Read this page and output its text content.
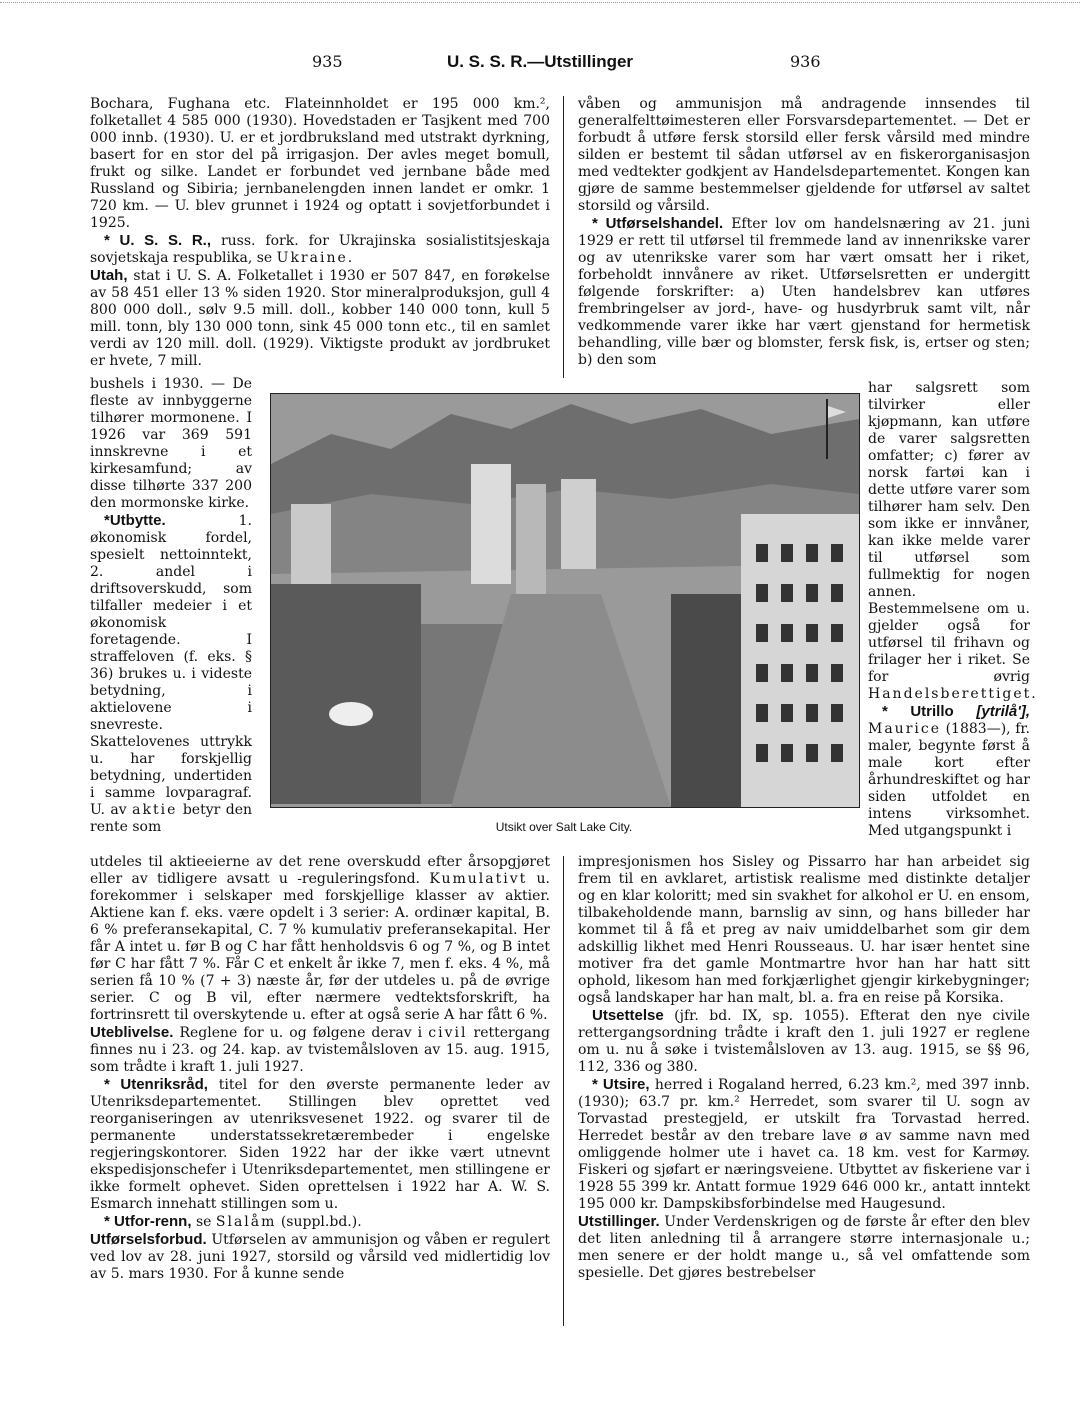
935	U. S. S. R.—Utstillinger	936

Bochara, Fughana etc. Flateinnholdet er 195 000 km.², folketallet 4 585 000 (1930). Hovedstaden er Tasjkent med 700 000 innb. (1930). U. er et jordbruksland med utstrakt dyrkning, basert for en stor del på irrigasjon. Der avles meget bomull, frukt og silke. Landet er forbundet ved jernbane både med Russland og Sibiria; jernbanelengden innen landet er omkr. 1 720 km. — U. blev grunnet i 1924 og optatt i sovjetforbundet i 1925.

* U. S. S. R., russ. fork. for Ukrajinska sosialistitsjeskaja sovjetskaja respublika, se Ukraine.

Utah, stat i U. S. A. Folketallet i 1930 er 507 847, en forøkelse av 58 451 eller 13 % siden 1920. Stor mineralproduksjon, gull 4 800 000 doll., sølv 9.5 mill. doll., kobber 140 000 tonn, kull 5 mill. tonn, bly 130 000 tonn, sink 45 000 tonn etc., til en samlet verdi av 120 mill. doll. (1929). Viktigste produkt av jordbruket er hvete, 7 mill.

bushels i 1930. — De fleste av innbyggerne tilhører mormonene. I 1926 var 369 591 innskrevne i et kirkesamfund; av disse tilhørte 337 200 den mormonske kirke.

*Utbytte. 1. økonomisk fordel, spesielt nettoinntekt, 2. andel i driftsoverskudd, som tilfaller medeier i et økonomisk foretagende. I straffeloven (f. eks. § 36) brukes u. i videste betydning, i aktielovene i snevreste. Skattelovenes uttrykk u. har forskjellig betydning, undertiden i samme lovparagraf. U. av aktie betyr den rente som

utdeles til aktieeierne av det rene overskudd efter årsopgjøret eller av tidligere avsatt u -reguleringsfond. Kumulativt u. forekommer i selskaper med forskjellige klasser av aktier. Aktiene kan f. eks. være opdelt i 3 serier: A. ordinær kapital, B. 6 % preferansekapital, C. 7 % kumulativ preferansekapital. Her får A intet u. før B og C har fått henholdsvis 6 og 7 %, og B intet før C har fått 7 %. Får C et enkelt år ikke 7, men f. eks. 4 %, må serien få 10 % (7 + 3) næste år, før der utdeles u. på de øvrige serier. C og B vil, efter nærmere vedtektsforskrift, ha fortrinsrett til overskytende u. efter at også serie A har fått 6 %.

Uteblivelse. Reglene for u. og følgene derav i civil rettergang finnes nu i 23. og 24. kap. av tvistemålsloven av 15. aug. 1915, som trådte i kraft 1. juli 1927.

* Utenriksråd, titel for den øverste permanente leder av Utenriksdepartementet. Stillingen blev oprettet ved reorganiseringen av utenriksvesenet 1922. og svarer til de permanente understatssekretærembeder i engelske regjeringskontorer. Siden 1922 har der ikke vært utnevnt ekspedisjonschefer i Utenriksdepartementet, men stillingene er ikke formelt ophevet. Siden oprettelsen i 1922 har A. W. S. Esmarch innehatt stillingen som u.

* Utfor-renn, se Slalåm (suppl.bd.).

Utførselsforbud. Utførselen av ammunisjon og våben er regulert ved lov av 28. juni 1927, storsild og vårsild ved midlertidig lov av 5. mars 1930. For å kunne sende

våben og ammunisjon må andragende innsendes til generalfelttøimesteren eller Forsvarsdepartementet. — Det er forbudt å utføre fersk storsild eller fersk vårsild med mindre silden er bestemt til sådan utførsel av en fiskerorganisasjon med vedtekter godkjent av Handelsdepartementet. Kongen kan gjøre de samme bestemmelser gjeldende for utførsel av saltet storsild og vårsild.

* Utførselshandel. Efter lov om handelsnæring av 21. juni 1929 er rett til utførsel til fremmede land av innenrikske varer og av utenrikske varer som har vært omsatt her i riket, forbeholdt innvånere av riket. Utførselsretten er undergitt følgende forskrifter: a) Uten handelsbrev kan utføres frembringelser av jord-, have- og husdyrbruk samt vilt, når vedkommende varer ikke har vært gjenstand for hermetisk behandling, ville bær og blomster, fersk fisk, is, ertser og sten; b) den som

har salgsrett som tilvirker eller kjøpmann, kan utføre de varer salgsretten omfatter; c) fører av norsk fartøi kan i dette utføre varer som tilhører ham selv. Den som ikke er innvåner, kan ikke melde varer til utførsel som fullmektig for nogen annen. Bestemmelsene om u. gjelder også for utførsel til frihavn og frilager her i riket. Se for øvrig Handelsberettiget.

* Utrillo [ytrilå'], Maurice (1883—), fr. maler, begynte først å male kort efter århundreskiftet og har siden utfoldet en intens virksomhet. Med utgangspunkt i

impresjonismen hos Sisley og Pissarro har han arbeidet sig frem til en avklaret, artistisk realisme med distinkte detaljer og en klar koloritt; med sin svakhet for alkohol er U. en ensom, tilbakeholdende mann, barnslig av sinn, og hans billeder har kommet til å få et preg av naiv umiddelbarhet som gir dem adskillig likhet med Henri Rousseaus. U. har især hentet sine motiver fra det gamle Montmartre hvor han har hatt sitt ophold, likesom han med forkjærlighet gjengir kirkebygninger; også landskaper har han malt, bl. a. fra en reise på Korsika.

Utsettelse (jfr. bd. IX, sp. 1055). Efterat den nye civile rettergangsordning trådte i kraft den 1. juli 1927 er reglene om u. nu å søke i tvistemålsloven av 13. aug. 1915, se §§ 96, 112, 336 og 380.

* Utsire, herred i Rogaland herred, 6.23 km.², med 397 innb. (1930); 63.7 pr. km.² Herredet, som svarer til U. sogn av Torvastad prestegjeld, er utskilt fra Torvastad herred. Herredet består av den trebare lave ø av samme navn med omliggende holmer ute i havet ca. 18 km. vest for Karmøy. Fiskeri og sjøfart er næringsveiene. Utbyttet av fiskeriene var i 1928 55 399 kr. Antatt formue 1929 646 000 kr., antatt inntekt 195 000 kr. Dampskibsforbindelse med Haugesund.

Utstillinger. Under Verdenskrigen og de første år efter den blev det liten anledning til å arrangere større internasjonale u.; men senere er der holdt mange u., så vel omfattende som spesielle. Det gjøres bestrebelser

Utsikt over Salt Lake City.
